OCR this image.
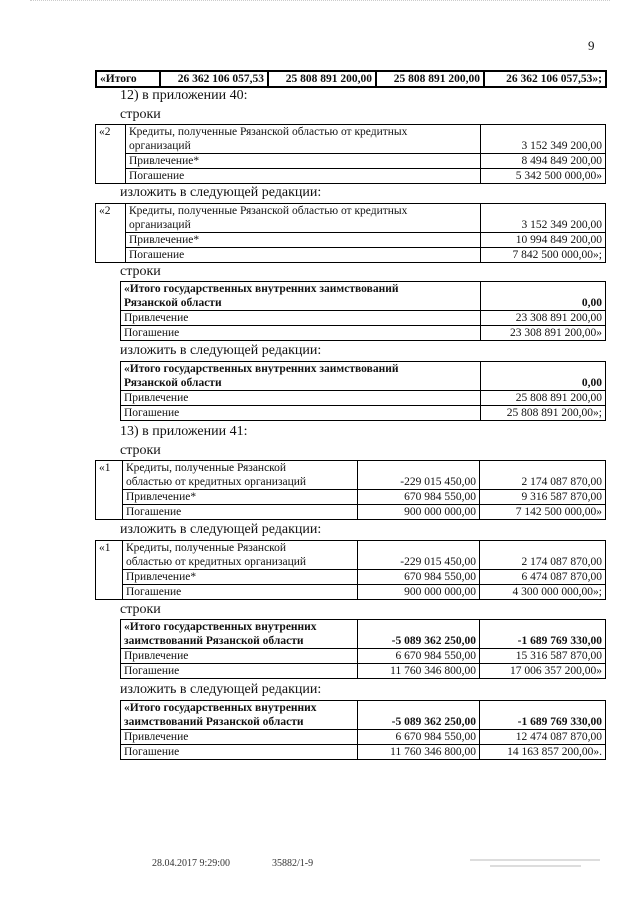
9
«Итого	26 362 106 057,53	25 808 891 200,00	25 808 891 200,00	26 362 106 057,53»;
12) в приложении 40:
строки
«2	Кредиты, полученные Рязанской областью от кредитных	
	организаций	3 152 349 200,00
	Привлечение*	8 494 849 200,00
	Погашение	5 342 500 000,00»
изложить в следующей редакции:
«2	Кредиты, полученные Рязанской областью от кредитных	
	организаций	3 152 349 200,00
	Привлечение*	10 994 849 200,00
	Погашение	7 842 500 000,00»;
строки
«Итого государственных внутренних заимствований	
Рязанской области	0,00
Привлечение	23 308 891 200,00
Погашение	23 308 891 200,00»
изложить в следующей редакции:
«Итого государственных внутренних заимствований	
Рязанской области	0,00
Привлечение	25 808 891 200,00
Погашение	25 808 891 200,00»;
13) в приложении 41:
строки
«1	Кредиты, полученные Рязанской		
	областью от кредитных организаций	-229 015 450,00	2 174 087 870,00
	Привлечение*	670 984 550,00	9 316 587 870,00
	Погашение	900 000 000,00	7 142 500 000,00»
изложить в следующей редакции:
«1	Кредиты, полученные Рязанской		
	областью от кредитных организаций	-229 015 450,00	2 174 087 870,00
	Привлечение*	670 984 550,00	6 474 087 870,00
	Погашение	900 000 000,00	4 300 000 000,00»;
строки
«Итого государственных внутренних		
заимствований Рязанской области	-5 089 362 250,00	-1 689 769 330,00
Привлечение	6 670 984 550,00	15 316 587 870,00
Погашение	11 760 346 800,00	17 006 357 200,00»
изложить в следующей редакции:
«Итого государственных внутренних		
заимствований Рязанской области	-5 089 362 250,00	-1 689 769 330,00
Привлечение	6 670 984 550,00	12 474 087 870,00
Погашение	11 760 346 800,00	14 163 857 200,00».
28.04.2017 9:29:00	35882/1-9
